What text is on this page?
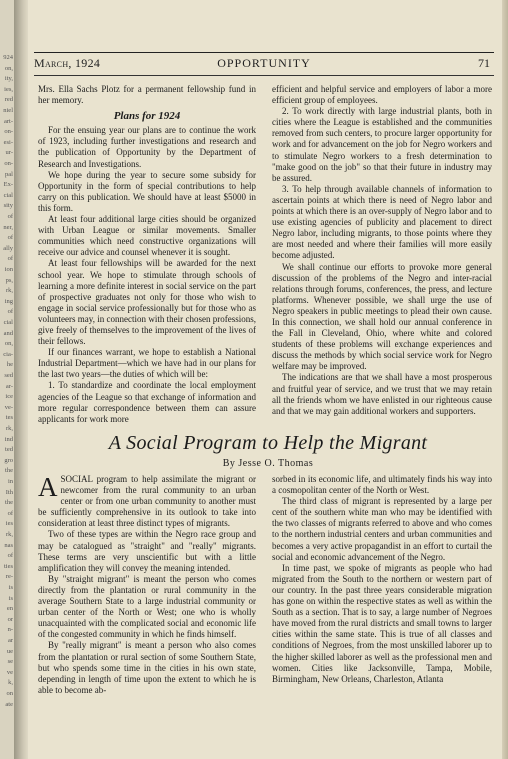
924
on,
ity,
ies,
red
niel
art-
on-
esi-
ur-
on-
pal
Ex-
cial
sity
of
ner,
of
ally
of
ion
ps,
rk,
ing
of
cial
and
on,
cia-
he
sed
ar-
ice
ve-
tes
rk,
ind
ted
gro
the
in
Ith
the
of
ies
rk,
nas
of
ties
re-
is
is
en
or
n-
ar
ue
se
ve
k,
on
ate
March, 1924	OPPORTUNITY	71

Mrs. Ella Sachs Plotz for a permanent fellowship fund in her memory.

Plans for 1924

For the ensuing year our plans are to continue the work of 1923, including further investigations and research and the publication of Opportunity by the Department of Research and Investigations.

We hope during the year to secure some subsidy for Opportunity in the form of special contributions to help carry on this publication. We should have at least $5000 in this form.

At least four additional large cities should be organized with Urban League or similar movements. Smaller communities which need constructive organizations will receive our advice and counsel whenever it is sought.

At least four fellowships will be awarded for the next school year. We hope to stimulate through schools of learning a more definite interest in social service on the part of prospective graduates not only for those who wish to engage in social service professionally but for those who as volunteers may, in connection with their chosen professions, give freely of themselves to the improvement of the lives of their fellows.

If our finances warrant, we hope to establish a National Industrial Department—which we have had in our plans for the last two years—the duties of which will be:

1. To standardize and coordinate the local employment agencies of the League so that exchange of information and more regular correspondence between them can assure applicants for work more

efficient and helpful service and employers of labor a more efficient group of employees.

2. To work directly with large industrial plants, both in cities where the League is established and the communities removed from such centers, to procure larger opportunity for work and for advancement on the job for Negro workers and to stimulate Negro workers to a fresh determination to "make good on the job" so that their future in industry may be assured.

3. To help through available channels of information to ascertain points at which there is need of Negro labor and points at which there is an over-supply of Negro labor and to use existing agencies of publicity and placement to direct Negro labor, including migrants, to those points where they are most needed and where their families will more easily become adjusted.

We shall continue our efforts to provoke more general discussion of the problems of the Negro and inter-racial relations through forums, conferences, the press, and lecture platforms. Whenever possible, we shall urge the use of Negro speakers in public meetings to plead their own cause. In this connection, we shall hold our annual conference in the Fall in Cleveland, Ohio, where white and colored students of these problems will exchange experiences and discuss the methods by which social service work for Negro welfare may be improved.

The indications are that we shall have a most prosperous and fruitful year of service, and we trust that we may retain all the friends whom we have enlisted in our righteous cause and that we may gain additional workers and supporters.

A Social Program to Help the Migrant
By Jesse O. Thomas

ASOCIAL program to help assimilate the migrant or newcomer from the rural community to an urban center or from one urban community to another must be sufficiently comprehensive in its outlook to take into consideration at least three distinct types of migrants.

Two of these types are within the Negro race group and may be catalogued as "straight" and "really" migrants. These terms are very unscientific but with a little amplification they will convey the meaning intended.

By "straight migrant" is meant the person who comes directly from the plantation or rural community in the average Southern State to a large industrial community or urban center of the North or West; one who is wholly unacquainted with the complicated social and economic life of the congested community in which he finds himself.

By "really migrant" is meant a person who also comes from the plantation or rural section of some Southern State, but who spends some time in the cities in his own state, depending in length of time upon the extent to which he is able to become ab-

sorbed in its economic life, and ultimately finds his way into a cosmopolitan center of the North or West.

The third class of migrant is represented by a large per cent of the southern white man who may be identified with the two classes of migrants referred to above and who comes to the northern industrial centers and urban communities and becomes a very active propagandist in an effort to curtail the social and economic advancement of the Negro.

In time past, we spoke of migrants as people who had migrated from the South to the northern or western part of our country. In the past three years considerable migration has gone on within the respective states as well as within the South as a section. That is to say, a large number of Negroes have moved from the rural districts and small towns to larger cities within the same state. This is true of all classes and conditions of Negroes, from the most unskilled laborer up to the higher skilled laborer as well as the professional men and women. Cities like Jacksonville, Tampa, Mobile, Birmingham, New Orleans, Charleston, Atlanta
